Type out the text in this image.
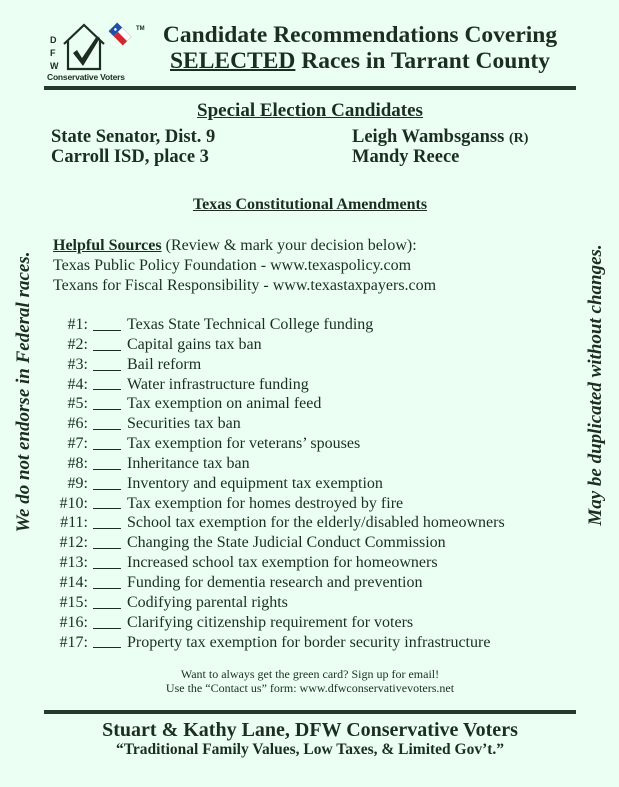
D
F
W
TM
Conservative Voters
Candidate Recommendations Covering
SELECTED Races in Tarrant County
Special Election Candidates
State Senator, Dist. 9	Leigh Wambsganss (R)
Carroll ISD, place 3	Mandy Reece
Texas Constitutional Amendments
Helpful Sources (Review & mark your decision below):
Texas Public Policy Foundation - www.texaspolicy.com
Texans for Fiscal Responsibility - www.texastaxpayers.com
#1: Texas State Technical College funding
#2: Capital gains tax ban
#3: Bail reform
#4: Water infrastructure funding
#5: Tax exemption on animal feed
#6: Securities tax ban
#7: Tax exemption for veterans’ spouses
#8: Inheritance tax ban
#9: Inventory and equipment tax exemption
#10: Tax exemption for homes destroyed by fire
#11: School tax exemption for the elderly/disabled homeowners
#12: Changing the State Judicial Conduct Commission
#13: Increased school tax exemption for homeowners
#14: Funding for dementia research and prevention
#15: Codifying parental rights
#16: Clarifying citizenship requirement for voters
#17: Property tax exemption for border security infrastructure
Want to always get the green card? Sign up for email!
Use the “Contact us” form: www.dfwconservativevoters.net
Stuart & Kathy Lane, DFW Conservative Voters
“Traditional Family Values, Low Taxes, & Limited Gov’t.”
We do not endorse in Federal races.	May be duplicated without changes.
